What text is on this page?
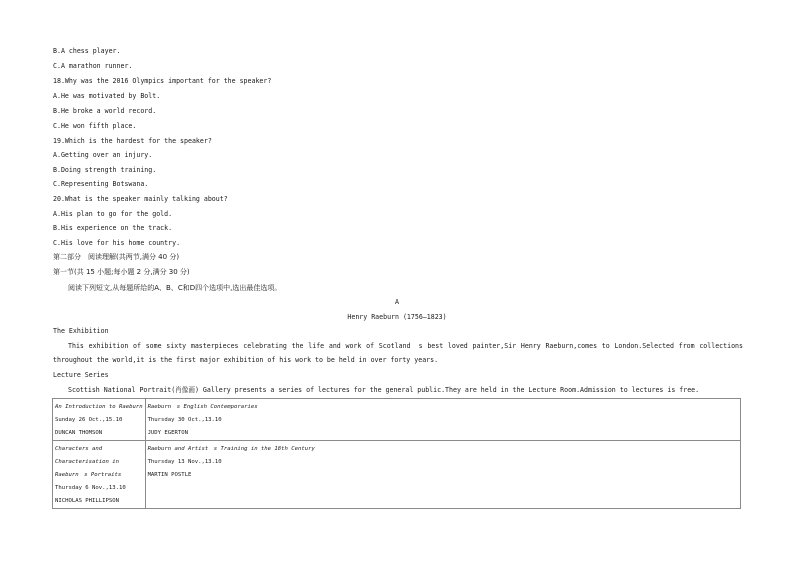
B.A chess player.
C.A marathon runner.
18.Why was the 2016 Olympics important for the speaker?
A.He was motivated by Bolt.
B.He broke a world record.
C.He won fifth place.
19.Which is the hardest for the speaker?
A.Getting over an injury.
B.Doing strength training.
C.Representing Botswana.
20.What is the speaker mainly talking about?
A.His plan to go for the gold.
B.His experience on the track.
C.His love for his home country.
第二部分　阅读理解(共两节,满分 40 分)
第一节(共 15 小题;每小题 2 分,满分 30 分)
阅读下列短文,从每题所给的A、B、C和D四个选项中,选出最佳选项。
A
Henry Raeburn (1756—1823)
The Exhibition
This exhibition of some sixty masterpieces celebrating the life and work of Scotland　s best loved painter,Sir Henry Raeburn,comes to London.Selected from collections throughout the world,it is the first major exhibition of his work to be held in over forty years.
Lecture Series
Scottish National Portrait(肖像画) Gallery presents a series of lectures for the general public.They are held in the Lecture Room.Admission to lectures is free.
An Introduction to Raeburn
Sunday 26 Oct.,15.10
DUNCAN THOMSON	Raeburn　s English Contemporaries
Thursday 30 Oct.,13.10
JUDY EGERTON

Characters and
Characterisation in
Raeburn　s Portraits
Thursday 6 Nov.,13.10
NICHOLAS PHILLIPSON	Raeburn and Artist　s Training in the 18th Century
Thursday 13 Nov.,13.10
MARTIN POSTLE
